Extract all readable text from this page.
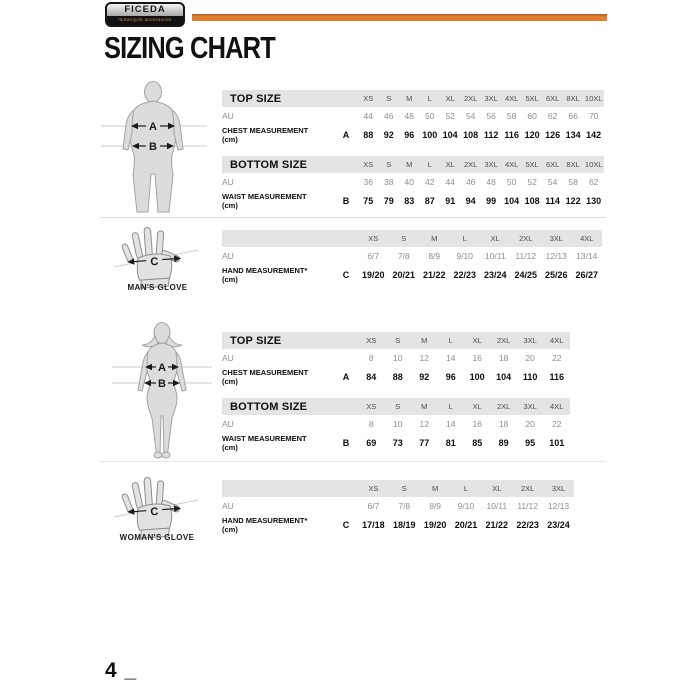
FICEDA
motorcycle accessories
SIZING CHART
A
B
TOP SIZE		XS	S	M	L	XL	2XL	3XL	4XL	5XL	6XL	8XL	10XL
AU		44	46	48	50	52	54	56	58	60	62	66	70
CHEST MEASUREMENT
(cm)	A	88	92	96	100	104	108	112	116	120	126	134	142
BOTTOM SIZE		XS	S	M	L	XL	2XL	3XL	4XL	5XL	6XL	8XL	10XL
AU		36	38	40	42	44	46	48	50	52	54	58	62
WAIST MEASUREMENT
(cm)	B	75	79	83	87	91	94	99	104	108	114	122	130
C
MAN'S GLOVE
		XS	S	M	L	XL	2XL	3XL	4XL
AU		6/7	7/8	8/9	9/10	10/11	11/12	12/13	13/14
HAND MEASUREMENT*
(cm)	C	19/20	20/21	21/22	22/23	23/24	24/25	25/26	26/27
A
B
TOP SIZE		XS	S	M	L	XL	2XL	3XL	4XL
AU		8	10	12	14	16	18	20	22
CHEST MEASUREMENT
(cm)	A	84	88	92	96	100	104	110	116
BOTTOM SIZE		XS	S	M	L	XL	2XL	3XL	4XL
AU		8	10	12	14	16	18	20	22
WAIST MEASUREMENT
(cm)	B	69	73	77	81	85	89	95	101
C
WOMAN'S GLOVE
		XS	S	M	L	XL	2XL	3XL
AU		6/7	7/8	8/9	9/10	10/11	11/12	12/13
HAND MEASUREMENT*
(cm)	C	17/18	18/19	19/20	20/21	21/22	22/23	23/24
4 _
